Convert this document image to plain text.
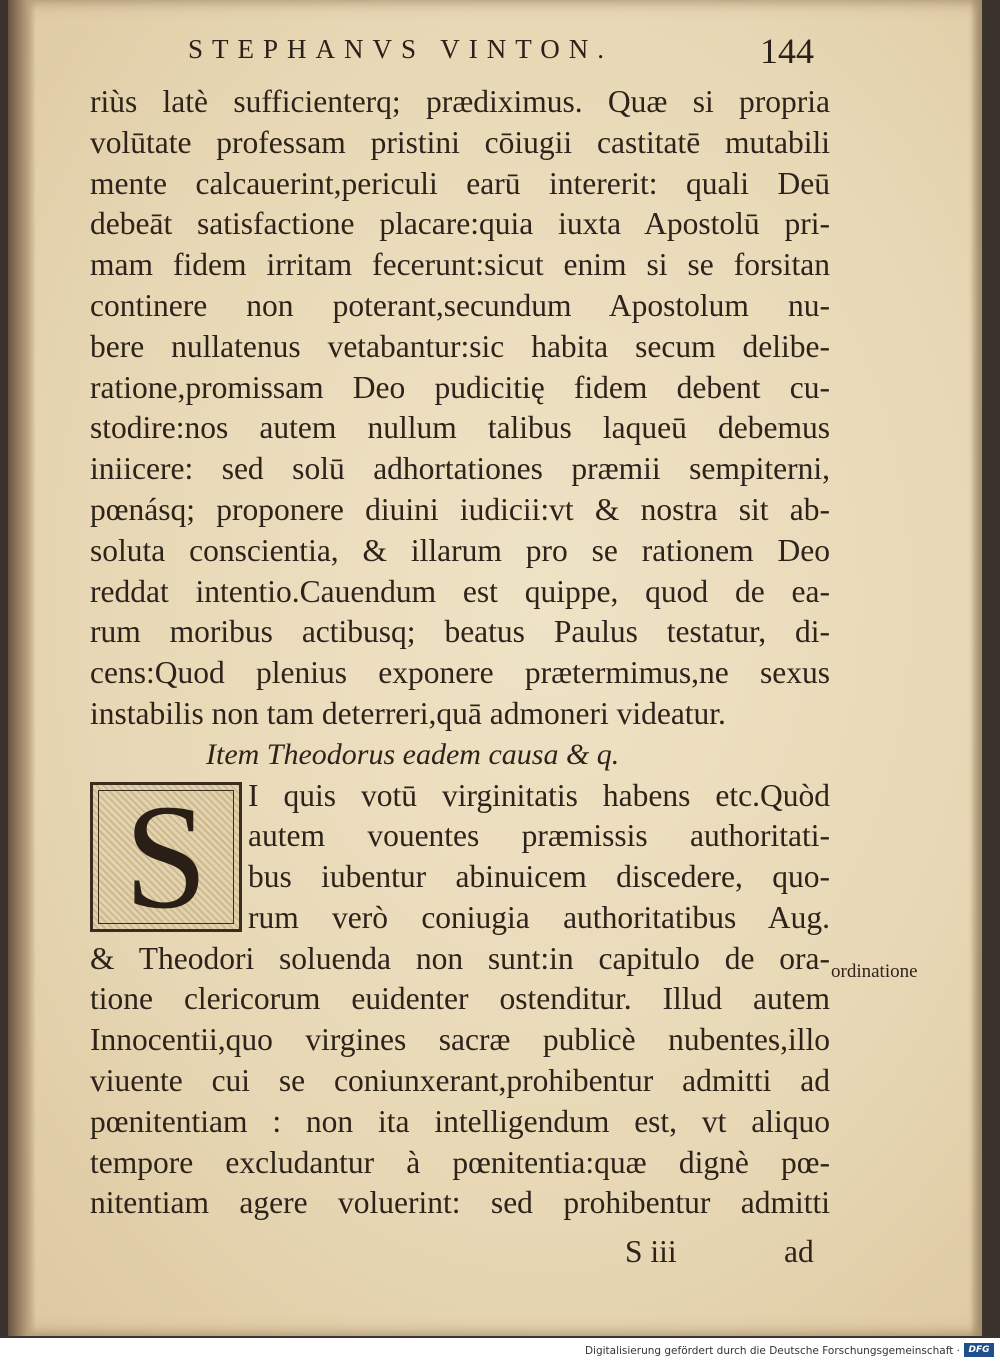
STEPHANVS VINTON.	144
riùs latè sufficienterq; prædiximus. Quæ si propria
volūtate professam pristini cōiugii castitatē mutabili
mente calcauerint,periculi earū intererit: quali Deū
debeāt satisfactione placare:quia iuxta Apostolū pri-
mam fidem irritam fecerunt:sicut enim si se forsitan
continere non poterant,secundum Apostolum nu-
bere nullatenus vetabantur:sic habita secum delibe-
ratione,promissam Deo pudicitię fidem debent cu-
stodire:nos autem nullum talibus laqueū debemus
iniicere: sed solū adhortationes præmii sempiterni,
pœnásq; proponere diuini iudicii:vt & nostra sit ab-
soluta conscientia, & illarum pro se rationem Deo
reddat intentio.Cauendum est quippe, quod de ea-
rum moribus actibusq; beatus Paulus testatur, di-
cens:Quod plenius exponere prætermimus,ne sexus
instabilis non tam deterreri,quā admoneri videatur.
Item Theodorus eadem causa & q.
S I quis votū virginitatis habens etc.Quòd
autem vouentes præmissis authoritati-
bus iubentur abinuicem discedere, quo-
rum verò coniugia authoritatibus Aug.
& Theodori soluenda non sunt:in capitulo de ora-
tione clericorum euidenter ostenditur. Illud autem
Innocentii,quo virgines sacræ publicè nubentes,illo
viuente cui se coniunxerant,prohibentur admitti ad
pœnitentiam : non ita intelligendum est, vt aliquo
tempore excludantur à pœnitentia:quæ dignè pœ-
nitentiam agere voluerint: sed prohibentur admitti
ordinatione
S iii	ad
Digitalisierung gefördert durch die Deutsche Forschungsgemeinschaft · DFG
